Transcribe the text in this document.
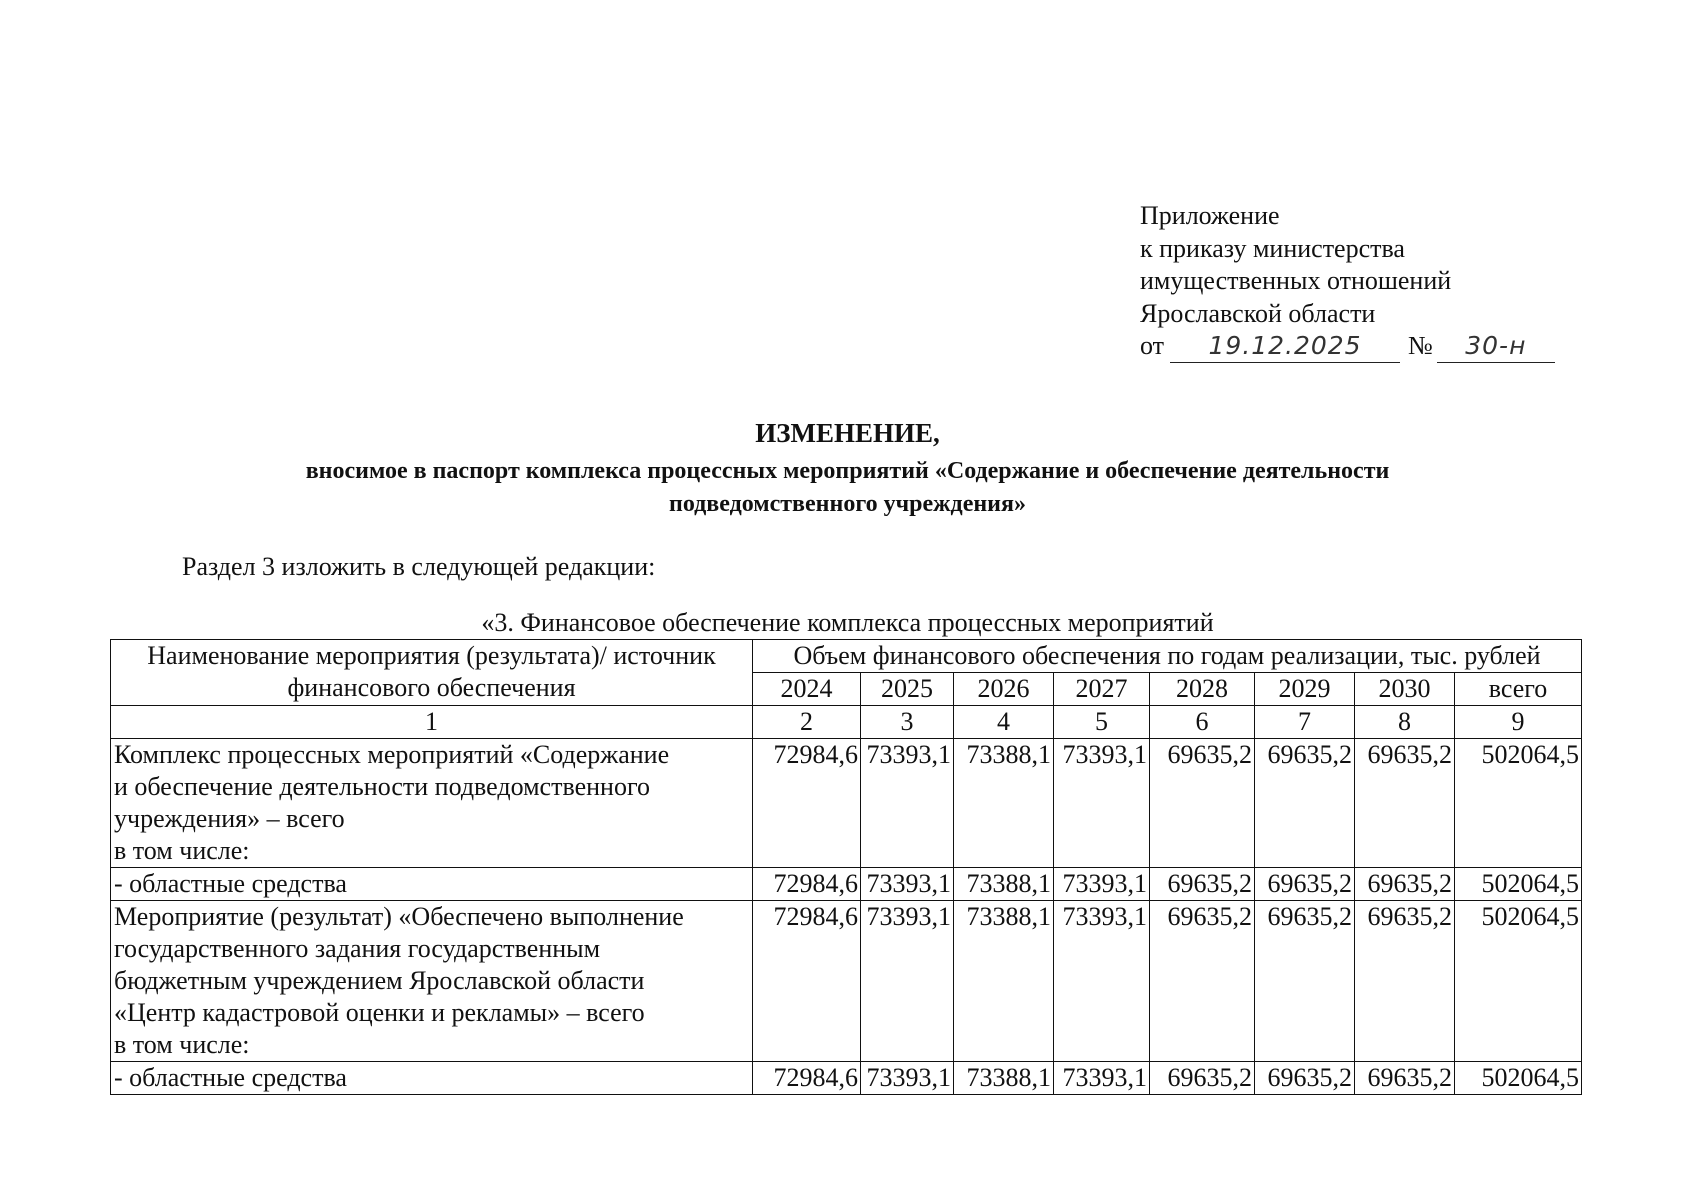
Приложение
к приказу министерства
имущественных отношений
Ярославской области
от 19.12.2025 № 30-н
ИЗМЕНЕНИЕ,
вносимое в паспорт комплекса процессных мероприятий «Содержание и обеспечение деятельности
подведомственного учреждения»
Раздел 3 изложить в следующей редакции:
«3. Финансовое обеспечение комплекса процессных мероприятий
Наименование мероприятия (результата)/ источник финансового обеспечения	Объем финансового обеспечения по годам реализации, тыс. рублей							
	2024	2025	2026	2027	2028	2029	2030	всего
1	2	3	4	5	6	7	8	9

Комплекс процессных мероприятий «Содержание
и обеспечение деятельности подведомственного
учреждения» – всего
в том числе:	72984,6	73393,1	73388,1	73393,1	69635,2	69635,2	69635,2	502064,5

- областные средства	72984,6	73393,1	73388,1	73393,1	69635,2	69635,2	69635,2	502064,5

Мероприятие (результат) «Обеспечено выполнение
государственного задания государственным
бюджетным учреждением Ярославской области
«Центр кадастровой оценки и рекламы» – всего
в том числе:	72984,6	73393,1	73388,1	73393,1	69635,2	69635,2	69635,2	502064,5

- областные средства	72984,6	73393,1	73388,1	73393,1	69635,2	69635,2	69635,2	502064,5
